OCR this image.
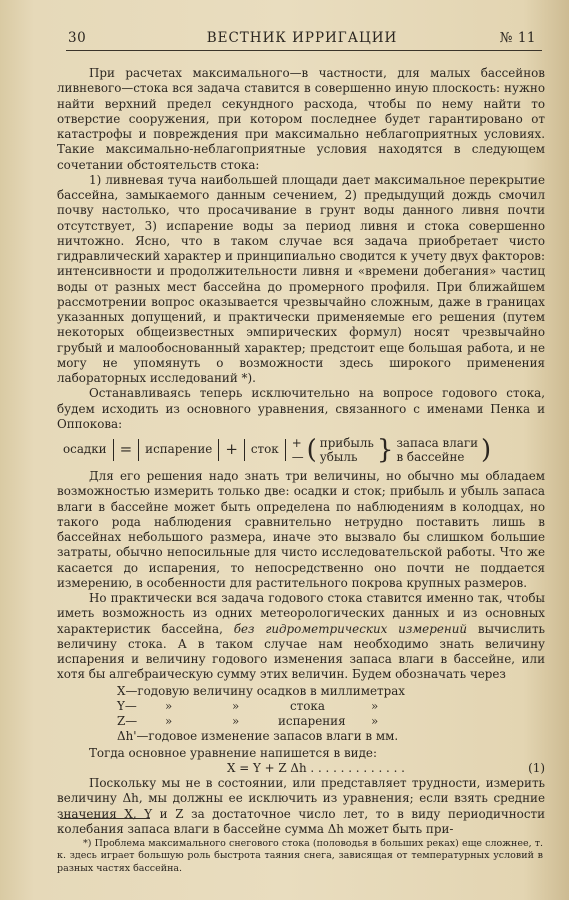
30	ВЕСТНИК ИРРИГАЦИИ	№ 11

При расчетах максимального—в частности, для малых бассейнов ливневого—стока вся задача ставится в совершенно иную плоскость: нужно найти верхний предел секундного расхода, чтобы по нему найти то отверстие сооружения, при котором последнее будет гарантировано от катастрофы и повреждения при максимально неблагоприятных условиях. Такие максимально-неблагоприятные условия находятся в следующем сочетании обстоятельств стока:

1) ливневая туча наибольшей площади дает максимальное перекрытие бассейна, замыкаемого данным сечением, 2) предыдущий дождь смочил почву настолько, что просачивание в грунт воды данного ливня почти отсутствует, 3) испарение воды за период ливня и стока совершенно ничтожно. Ясно, что в таком случае вся задача приобретает чисто гидравлический характер и принципиально сводится к учету двух факторов: интенсивности и продолжительности ливня и «времени добегания» частиц воды от разных мест бассейна до промерного профиля. При ближайшем рассмотрении вопрос оказывается чрезвычайно сложным, даже в границах указанных допущений, и практически применяемые его решения (путем некоторых общеизвестных эмпирических формул) носят чрезвычайно грубый и малообоснованный характер; предстоит еще большая работа, и не могу не упомянуть о возможности здесь широкого применения лабораторных исследований *).

Останавливаясь теперь исключительно на вопросе годового стока, будем исходить из основного уравнения, связанного с именами Пенка и Оппокова:

осадки =	испарение +	сток	+
— ( прибыль
убыль } запаса влаги
в бассейне )

Для его решения надо знать три величины, но обычно мы обладаем возможностью измерить только две: осадки и сток; прибыль и убыль запаса влаги в бассейне может быть определена по наблюдениям в колодцах, но такого рода наблюдения сравнительно нетрудно поставить лишь в бассейнах небольшого размера, иначе это вызвало бы слишком большие затраты, обычно непосильные для чисто исследовательской работы. Что же касается до испарения, то непосредственно оно почти не поддается измерению, в особенности для растительного покрова крупных размеров.

Но практически вся задача годового стока ставится именно так, чтобы иметь возможность из одних метеорологических данных и из основных характеристик бассейна, без гидрометрических измерений вычислить величину стока. А в таком случае нам необходимо знать величину испарения и величину годового изменения запаса влаги в бассейне, или хотя бы алгебраическую сумму этих величин. Будем обозначать через

X—годовую величину осадков в миллиметрах
Y— »	»	стока	»
Z— »	»	испарения »
Δh'—годовое изменение запасов влаги в мм.

Тогда основное уравнение напишется в виде:

X = Y + Z Δh . . . . . . . . . . . . .	(1)

Поскольку мы не в состоянии, или представляет трудности, измерить величину Δh, мы должны ее исключить из уравнения; если взять средние значения X, Y и Z за достаточное число лет, то в виду периодичности колебания запаса влаги в бассейне сумма Δh может быть при-

*) Проблема максимального снегового стока (половодья в больших реках) еще сложнее, т. к. здесь играет большую роль быстрота таяния снега, зависящая от температурных условий в разных частях бассейна.
